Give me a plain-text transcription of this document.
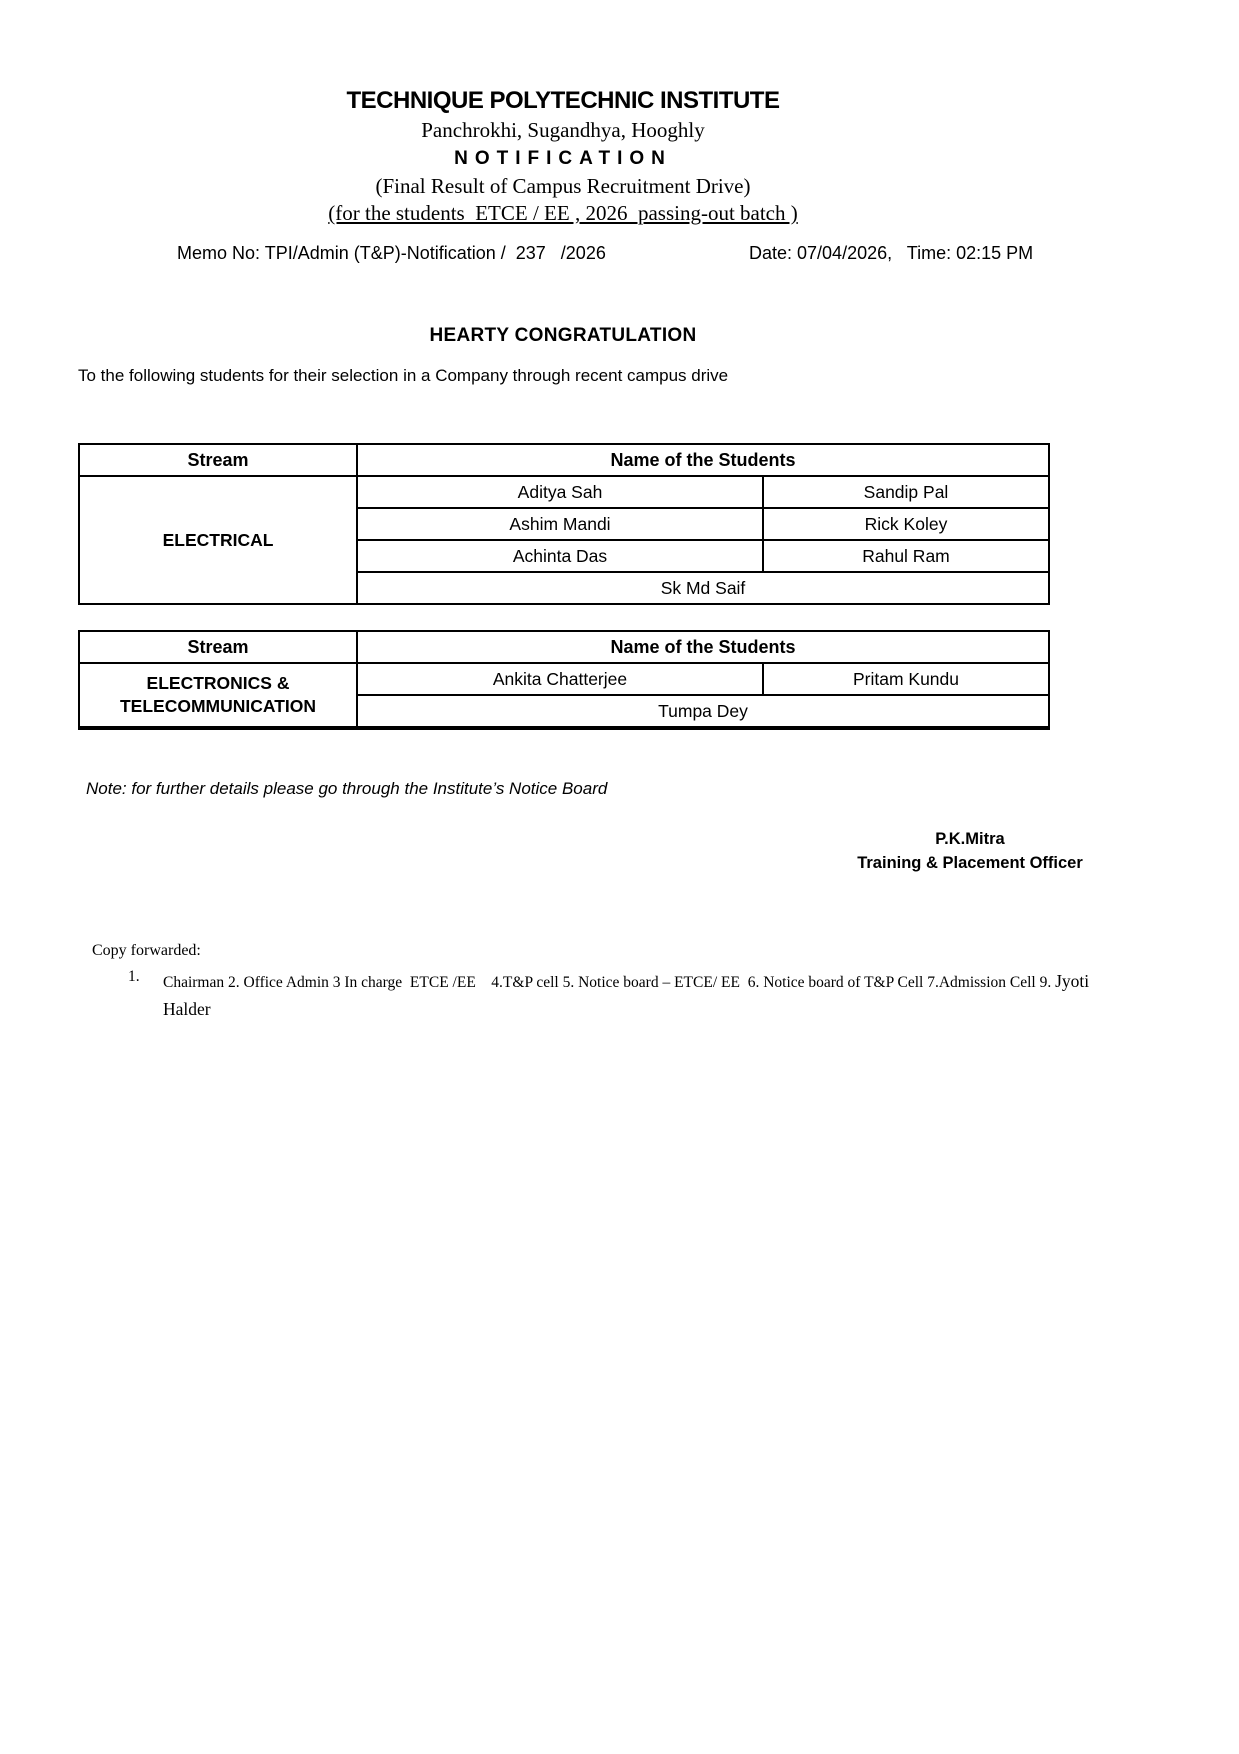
TECHNIQUE POLYTECHNIC INSTITUTE
Panchrokhi, Sugandhya, Hooghly
NOTIFICATION
(Final Result of Campus Recruitment Drive)
(for the students  ETCE / EE , 2026  passing-out batch )
Memo No: TPI/Admin (T&P)-Notification /  237   /2026	Date: 07/04/2026,   Time: 02:15 PM
HEARTY CONGRATULATION
To the following students for their selection in a Company through recent campus drive
Stream	Name of the Students	
ELECTRICAL	Aditya Sah	Sandip Pal
	Ashim Mandi	Rick Koley
	Achinta Das	Rahul Ram
	Sk Md Saif	
Stream	Name of the Students	
ELECTRONICS & TELECOMMUNICATION	Ankita Chatterjee	Pritam Kundu
	Tumpa Dey	
Note: for further details please go through the Institute’s Notice Board
P.K.Mitra
Training & Placement Officer
Copy forwarded:
1. Chairman 2. Office Admin 3 In charge  ETCE /EE    4.T&P cell 5. Notice board – ETCE/ EE  6. Notice board of T&P Cell 7.Admission Cell 9. Jyoti
Halder
